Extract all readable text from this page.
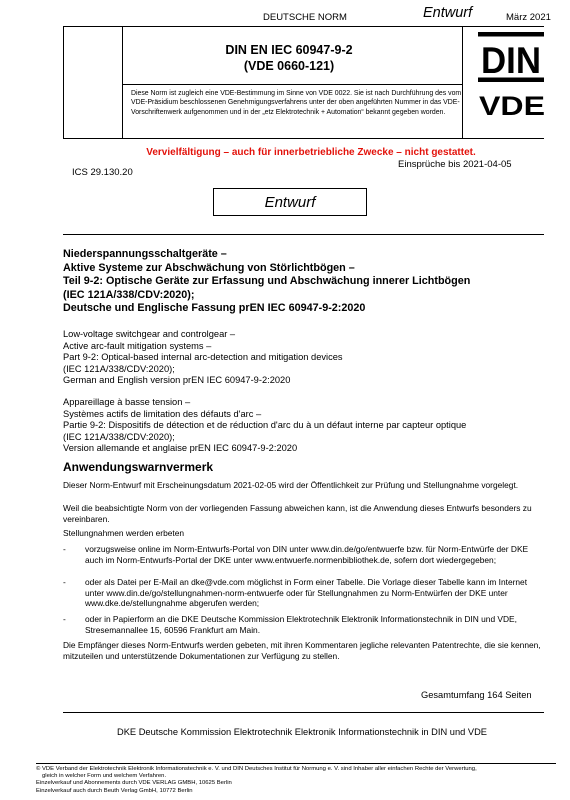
DEUTSCHE NORM	Entwurf	März 2021
DIN EN IEC 60947-9-2
(VDE 0660-121)
Diese Norm ist zugleich eine VDE-Bestimmung im Sinne von VDE 0022. Sie ist nach Durchführung des vom VDE-Präsidium beschlossenen Genehmigungsverfahrens unter der oben angeführten Nummer in das VDE-Vorschriftenwerk aufgenommen und in der „etz Elektrotechnik + Automation“ bekannt gegeben worden.
DIN
VDE
Vervielfältigung – auch für innerbetriebliche Zwecke – nicht gestattet.
Einsprüche bis 2021-04-05
ICS 29.130.20
Entwurf
Niederspannungsschaltgeräte –
Aktive Systeme zur Abschwächung von Störlichtbögen –
Teil 9-2: Optische Geräte zur Erfassung und Abschwächung innerer Lichtbögen
(IEC 121A/338/CDV:2020);
Deutsche und Englische Fassung prEN IEC 60947-9-2:2020
Low-voltage switchgear and controlgear –
Active arc-fault mitigation systems –
Part 9-2: Optical-based internal arc-detection and mitigation devices
(IEC 121A/338/CDV:2020);
German and English version prEN IEC 60947-9-2:2020
Appareillage à basse tension –
Systèmes actifs de limitation des défauts d'arc –
Partie 9-2: Dispositifs de détection et de réduction d'arc du à un défaut interne par capteur optique
(IEC 121A/338/CDV:2020);
Version allemande et anglaise prEN IEC 60947-9-2:2020
Anwendungswarnvermerk
Dieser Norm-Entwurf mit Erscheinungsdatum 2021-02-05 wird der Öffentlichkeit zur Prüfung und Stellungnahme vorgelegt.
Weil die beabsichtigte Norm von der vorliegenden Fassung abweichen kann, ist die Anwendung dieses Entwurfs besonders zu vereinbaren.
Stellungnahmen werden erbeten
- vorzugsweise online im Norm-Entwurfs-Portal von DIN unter www.din.de/go/entwuerfe bzw. für Norm-Entwürfe der DKE auch im Norm-Entwurfs-Portal der DKE unter www.entwuerfe.normenbibliothek.de, sofern dort wiedergegeben;
- oder als Datei per E-Mail an dke@vde.com möglichst in Form einer Tabelle. Die Vorlage dieser Tabelle kann im Internet unter www.din.de/go/stellungnahmen-norm-entwuerfe oder für Stellungnahmen zu Norm-Entwürfen der DKE unter www.dke.de/stellungnahme abgerufen werden;
- oder in Papierform an die DKE Deutsche Kommission Elektrotechnik Elektronik Informationstechnik in DIN und VDE, Stresemannallee 15, 60596 Frankfurt am Main.
Die Empfänger dieses Norm-Entwurfs werden gebeten, mit ihren Kommentaren jegliche relevanten Patentrechte, die sie kennen, mitzuteilen und unterstützende Dokumentationen zur Verfügung zu stellen.
Gesamtumfang 164 Seiten
DKE Deutsche Kommission Elektrotechnik Elektronik Informationstechnik in DIN und VDE
© VDE Verband der Elektrotechnik Elektronik Informationstechnik e. V. und DIN Deutsches Institut für Normung e. V. sind Inhaber aller einfachen Rechte der Verwertung,
gleich in welcher Form und welchem Verfahren.
Einzelverkauf und Abonnements durch VDE VERLAG GMBH, 10625 Berlin
Einzelverkauf auch durch Beuth Verlag GmbH, 10772 Berlin
